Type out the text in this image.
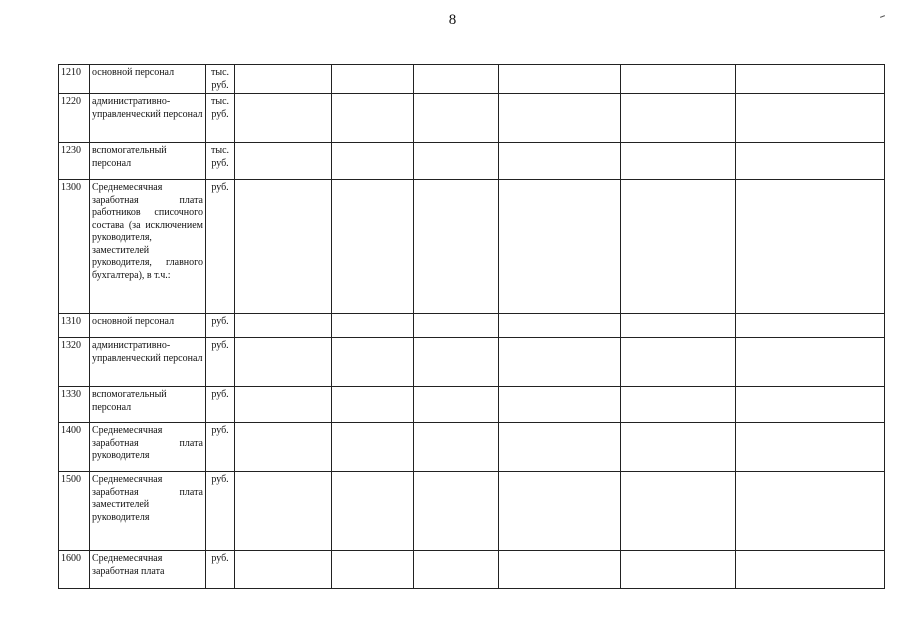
8
1210	основной персонал	тыс. руб.						
1220	административно-управленческий персонал	тыс. руб.						
1230	вспомогательный персонал	тыс. руб.						
1300	Среднемесячная заработная плата работников списочного состава (за исключением руководителя, заместителей руководителя, главного бухгалтера), в т.ч.:	руб.						
1310	основной персонал	руб.						
1320	административно-управленческий персонал	руб.						
1330	вспомогательный персонал	руб.						
1400	Среднемесячная заработная плата руководителя	руб.						
1500	Среднемесячная заработная плата заместителей руководителя	руб.						
1600	Среднемесячная заработная плата	руб.						
